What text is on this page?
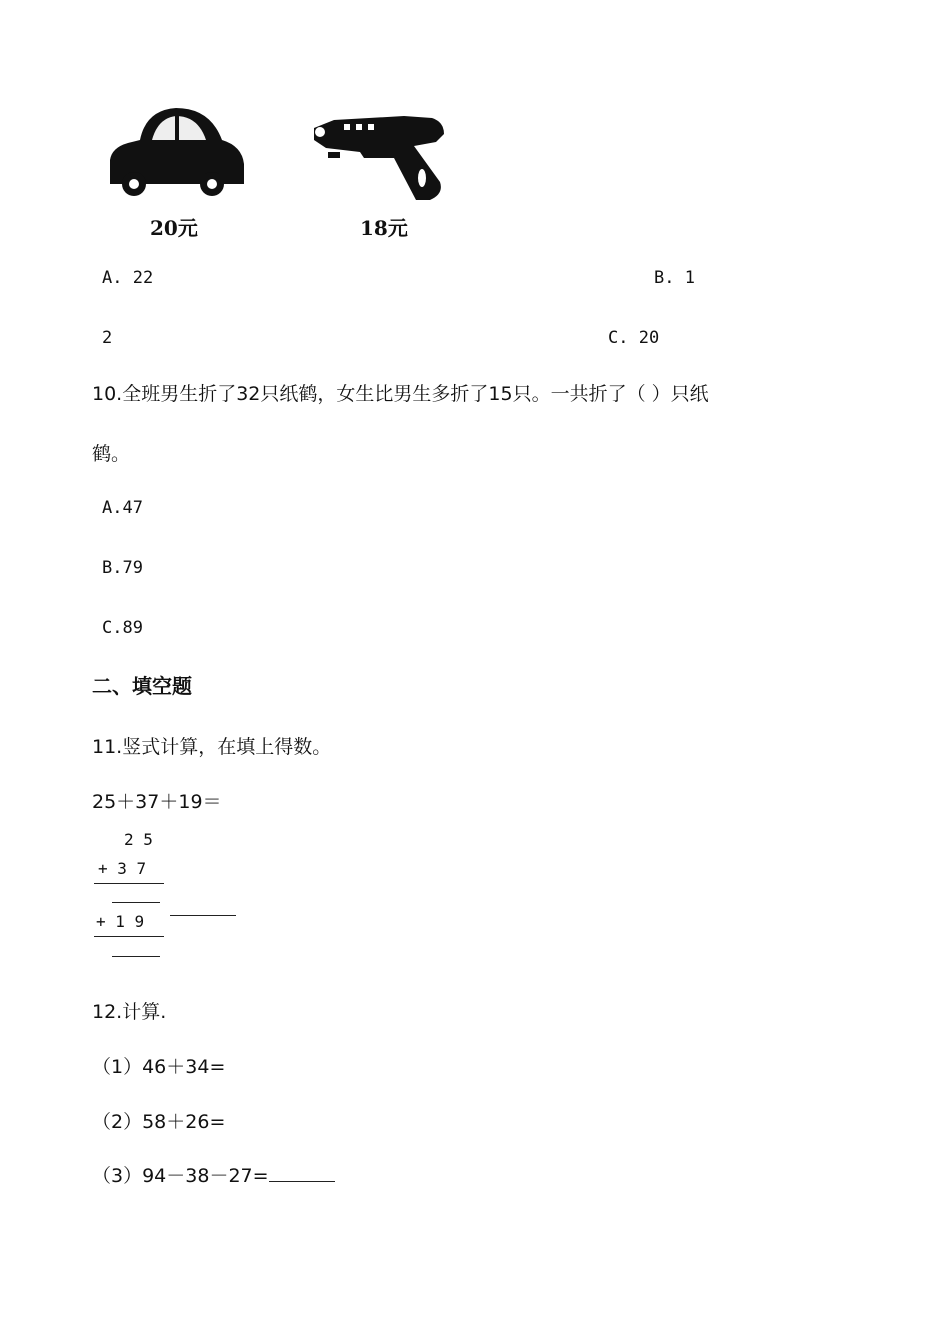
20元	18元
A. 22	B. 1
2	C. 20
10.全班男生折了32只纸鹤，女生比男生多折了15只。一共折了（ ）只纸
鹤。
A.47
B.79
C.89
二、填空题
11.竖式计算，在填上得数。
25＋37＋19＝
2 5
+ 3 7
+ 1 9
12.计算.
（1）46＋34=
（2）58＋26=
（3）94－38－27=
